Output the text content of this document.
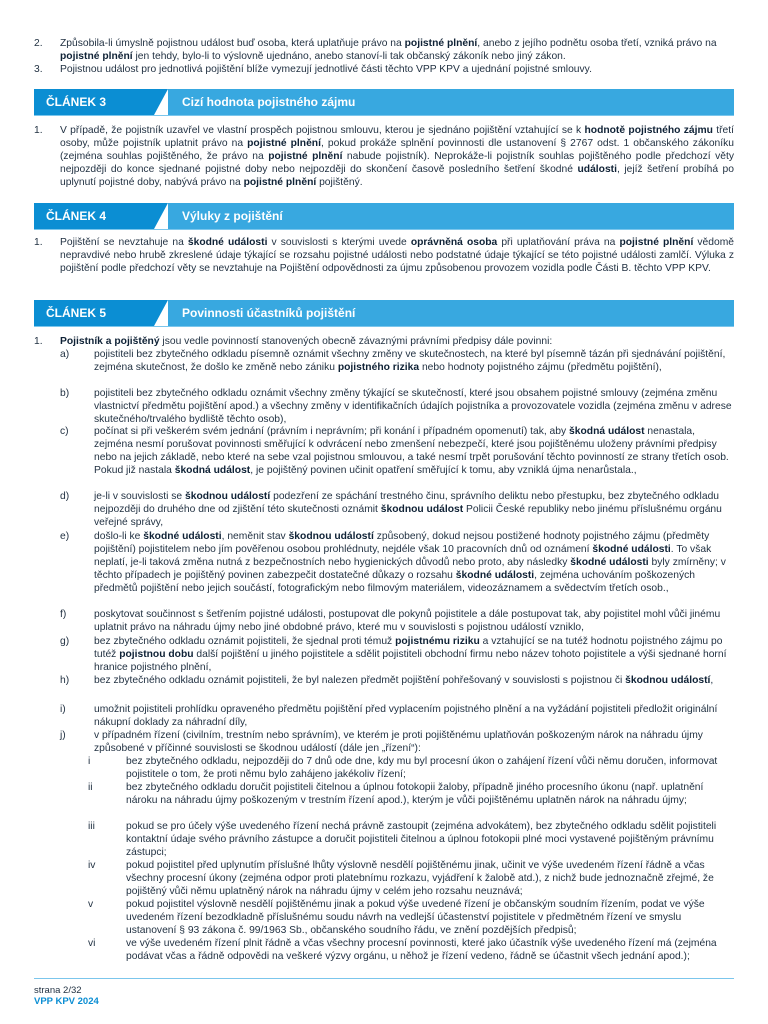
2. Způsobila-li úmyslně pojistnou událost buď osoba, která uplatňuje právo na pojistné plnění, anebo z jejího podnětu osoba třetí, vzniká právo na pojistné plnění jen tehdy, bylo-li to výslovně ujednáno, anebo stanoví-li tak občanský zákoník nebo jiný zákon.
3. Pojistnou událost pro jednotlivá pojištění blíže vymezují jednotlivé části těchto VPP KPV a ujednání pojistné smlouvy.
ČLÁNEK 3	Cizí hodnota pojistného zájmu
1. V případě, že pojistník uzavřel ve vlastní prospěch pojistnou smlouvu, kterou je sjednáno pojištění vztahující se k hodnotě pojistného zájmu třetí osoby, může pojistník uplatnit právo na pojistné plnění, pokud prokáže splnění povinnosti dle ustanovení § 2767 odst. 1 občanského zákoníku (zejména souhlas pojištěného, že právo na pojistné plnění nabude pojistník). Neprokáže-li pojistník souhlas pojištěného podle předchozí věty nejpozději do konce sjednané pojistné doby nebo nejpozději do skončení časově posledního šetření škodné události, jejíž šetření probíhá po uplynutí pojistné doby, nabývá právo na pojistné plnění pojištěný.
ČLÁNEK 4	Výluky z pojištění
1. Pojištění se nevztahuje na škodné události v souvislosti s kterými uvede oprávněná osoba při uplatňování práva na pojistné plnění vědomě nepravdivé nebo hrubě zkreslené údaje týkající se rozsahu pojistné události nebo podstatné údaje týkající se této pojistné události zamlčí. Výluka z pojištění podle předchozí věty se nevztahuje na Pojištění odpovědnosti za újmu způsobenou provozem vozidla podle Části B. těchto VPP KPV.
ČLÁNEK 5	Povinnosti účastníků pojištění
1. Pojistník a pojištěný jsou vedle povinností stanovených obecně závaznými právními předpisy dále povinni:
a) pojistiteli bez zbytečného odkladu písemně oznámit všechny změny ve skutečnostech, na které byl písemně tázán při sjednávání pojištění, zejména skutečnost, že došlo ke změně nebo zániku pojistného rizika nebo hodnoty pojistného zájmu (předmětu pojištění),
b) pojistiteli bez zbytečného odkladu oznámit všechny změny týkající se skutečností, které jsou obsahem pojistné smlouvy (zejména změnu vlastnictví předmětu pojištění apod.) a všechny změny v identifikačních údajích pojistníka a provozovatele vozidla (zejména změnu v adrese skutečného/trvalého bydliště těchto osob),
c) počínat si při veškerém svém jednání (právním i neprávním; při konání i případném opomenutí) tak, aby škodná událost nenastala, zejména nesmí porušovat povinnosti směřující k odvrácení nebo zmenšení nebezpečí, které jsou pojištěnému uloženy právními předpisy nebo na jejich základě, nebo které na sebe vzal pojistnou smlouvou, a také nesmí trpět porušování těchto povinností ze strany třetích osob. Pokud již nastala škodná událost, je pojištěný povinen učinit opatření směřující k tomu, aby vzniklá újma nenarůstala.,
d) je-li v souvislosti se škodnou událostí podezření ze spáchání trestného činu, správního deliktu nebo přestupku, bez zbytečného odkladu nejpozději do druhého dne od zjištění této skutečnosti oznámit škodnou událost Policii České republiky nebo jinému příslušnému orgánu veřejné správy,
e) došlo-li ke škodné události, neměnit stav škodnou událostí způsobený, dokud nejsou postižené hodnoty pojistného zájmu (předměty pojištění) pojistitelem nebo jím pověřenou osobou prohlédnuty, nejdéle však 10 pracovních dnů od oznámení škodné události. To však neplatí, je-li taková změna nutná z bezpečnostních nebo hygienických důvodů nebo proto, aby následky škodné události byly zmírněny; v těchto případech je pojištěný povinen zabezpečit dostatečné důkazy o rozsahu škodné události, zejména uchováním poškozených předmětů pojištění nebo jejich součástí, fotografickým nebo filmovým materiálem, videozáznamem a svědectvím třetích osob.,
f)	poskytovat součinnost s šetřením pojistné události, postupovat dle pokynů pojistitele a dále postupovat tak, aby pojistitel mohl vůči jinému uplatnit právo na náhradu újmy nebo jiné obdobné právo, které mu v souvislosti s pojistnou událostí vzniklo,
g) bez zbytečného odkladu oznámit pojistiteli, že sjednal proti témuž pojistnému riziku a vztahující se na tutéž hodnotu pojistného zájmu po tutéž pojistnou dobu další pojištění u jiného pojistitele a sdělit pojistiteli obchodní firmu nebo název tohoto pojistitele a výši sjednané horní hranice pojistného plnění,
h) bez zbytečného odkladu oznámit pojistiteli, že byl nalezen předmět pojištění pohřešovaný v souvislosti s pojistnou či škodnou událostí,
i)	umožnit pojistiteli prohlídku opraveného předmětu pojištění před vyplacením pojistného plnění a na vyžádání pojistiteli předložit originální nákupní doklady za náhradní díly,
j)	v případném řízení (civilním, trestním nebo správním), ve kterém je proti pojištěnému uplatňován poškozeným nárok na náhradu újmy způsobené v příčinné souvislosti se škodnou událostí (dále jen „řízení“):
i	bez zbytečného odkladu, nejpozději do 7 dnů ode dne, kdy mu byl procesní úkon o zahájení řízení vůči němu doručen, informovat pojistitele o tom, že proti němu bylo zahájeno jakékoliv řízení;
ii	bez zbytečného odkladu doručit pojistiteli čitelnou a úplnou fotokopii žaloby, případně jiného procesního úkonu (např. uplatnění nároku na náhradu újmy poškozeným v trestním řízení apod.), kterým je vůči pojištěnému uplatněn nárok na náhradu újmy;
iii	pokud se pro účely výše uvedeného řízení nechá právně zastoupit (zejména advokátem), bez zbytečného odkladu sdělit pojistiteli kontaktní údaje svého právního zástupce a doručit pojistiteli čitelnou a úplnou fotokopii plné moci vystavené pojištěným právnímu zástupci;
iv	pokud pojistitel před uplynutím příslušné lhůty výslovně nesdělí pojištěnému jinak, učinit ve výše uvedeném řízení řádně a včas všechny procesní úkony (zejména odpor proti platebnímu rozkazu, vyjádření k žalobě atd.), z nichž bude jednoznačně zřejmé, že pojištěný vůči němu uplatněný nárok na náhradu újmy v celém jeho rozsahu neuznává;
v	pokud pojistitel výslovně nesdělí pojištěnému jinak a pokud výše uvedené řízení je občanským soudním řízením, podat ve výše uvedeném řízení bezodkladně příslušnému soudu návrh na vedlejší účastenství pojistitele v předmětném řízení ve smyslu ustanovení § 93 zákona č. 99/1963 Sb., občanského soudního řádu, ve znění pozdějších předpisů;
vi	ve výše uvedeném řízení plnit řádně a včas všechny procesní povinnosti, které jako účastník výše uvedeného řízení má (zejména podávat včas a řádně odpovědi na veškeré výzvy orgánu, u něhož je řízení vedeno, řádně se účastnit všech jednání apod.);
strana 2/32
VPP KPV 2024
